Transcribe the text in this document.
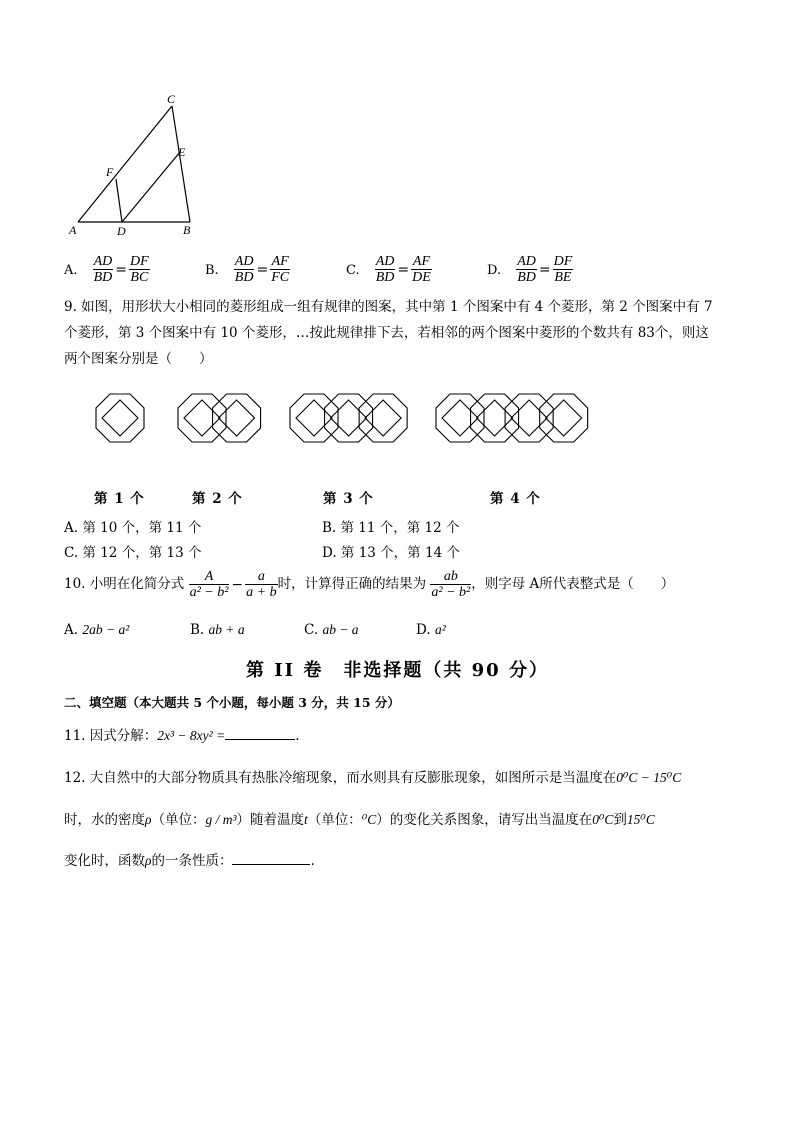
A	D	B
C
E
F
A. $\frac{AD}{BD} = \frac{DF}{BC}$	B. $\frac{AD}{BD} = \frac{AF}{FC}$	C. $\frac{AD}{BD} = \frac{AF}{DE}$	D. $\frac{AD}{BD} = \frac{DF}{BE}$
9. 如图，用形状大小相同的菱形组成一组有规律的图案，其中第 1 个图案中有 4 个菱形，第 2 个图案中有 7
个菱形，第 3 个图案中有 10 个菱形，…按此规律排下去，若相邻的两个图案中菱形的个数共有 83个，则这
两个图案分别是（　　）
第 1 个	第 2 个	第 3 个	第 4 个
A. 第 10 个，第 11 个	B. 第 11 个，第 12 个
C. 第 12 个，第 13 个	D. 第 13 个，第 14 个
10. 小明在化简分式 $\frac{A}{\text{a² − b²}} - \frac{a}{a + b}$ 时，计算得正确的结果为 $\frac{ab}{\text{a² − b²}}$ ，则字母 A所代表整式是（　　）
A. 2ab − a²	B. ab + a	C. ab − a	D. a²
第 II 卷　非选择题（共 90 分）
二、填空题（本大题共 5 个小题，每小题 3 分，共 15 分）
11. 因式分解：2x³ − 8xy² =	.
12. 大自然中的大部分物质具有热胀冷缩现象，而水则具有反膨胀现象，如图所示是当温度在0⁰C − 15⁰C
时，水的密度ρ（单位：g / m³）随着温度t（单位：⁰C）的变化关系图象，请写出当温度在0⁰C到15⁰C
变化时，函数ρ的一条性质：	.
